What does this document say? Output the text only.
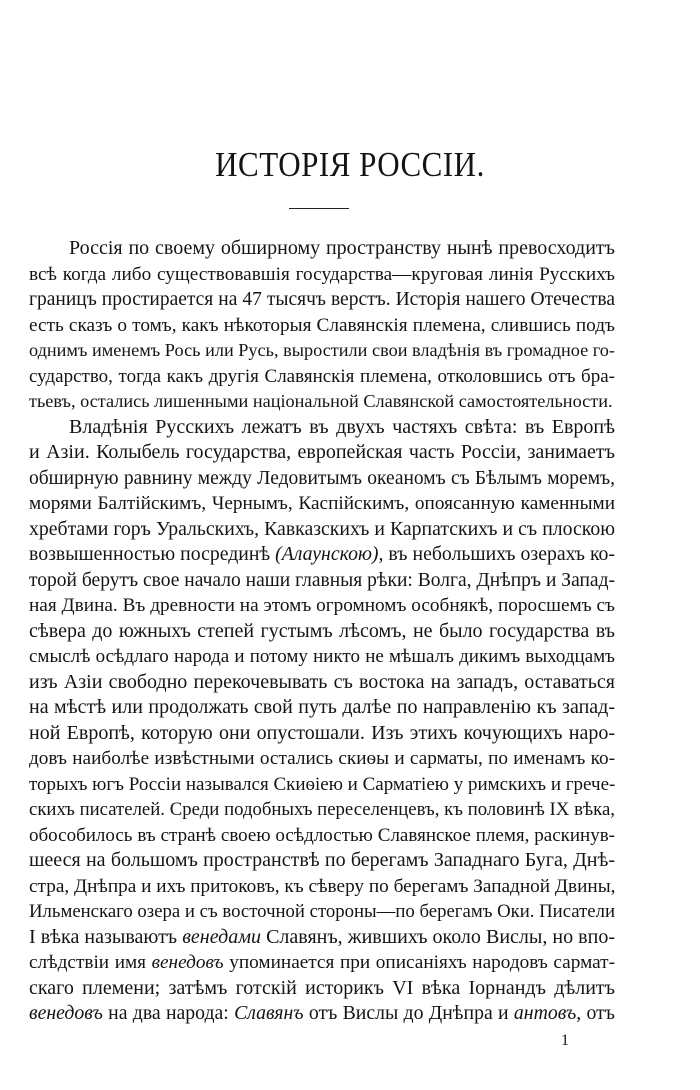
ИСТОРІЯ РОССІИ.
Россія по своему обширному пространству нынѣ превосходитъ
всѣ когда либо существовавшія государства—круговая линія Русскихъ
границъ простирается на 47 тысячъ верстъ. Исторія нашего Отечества
есть сказъ о томъ, какъ нѣкоторыя Славянскія племена, слившись подъ
однимъ именемъ Рось или Русь, выростили свои владѣнія въ громадное го-
сударство, тогда какъ другія Славянскія племена, отколовшись отъ бра-
тьевъ, остались лишенными національной Славянской самостоятельности.
Владѣнія Русскихъ лежатъ въ двухъ частяхъ свѣта: въ Европѣ
и Азіи. Колыбель государства, европейская часть Россіи, занимаетъ
обширную равнину между Ледовитымъ океаномъ съ Бѣлымъ моремъ,
морями Балтійскимъ, Чернымъ, Каспійскимъ, опоясанную каменными
хребтами горъ Уральскихъ, Кавказскихъ и Карпатскихъ и съ плоскою
возвышенностью посрединѣ (Алаунскою), въ небольшихъ озерахъ ко-
торой берутъ свое начало наши главныя рѣки: Волга, Днѣпръ и Запад-
ная Двина. Въ древности на этомъ огромномъ особнякѣ, поросшемъ съ
сѣвера до южныхъ степей густымъ лѣсомъ, не было государства въ
смыслѣ осѣдлаго народа и потому никто не мѣшалъ дикимъ выходцамъ
изъ Азіи свободно перекочевывать съ востока на западъ, оставаться
на мѣстѣ или продолжать свой путь далѣе по направленію къ запад-
ной Европѣ, которую они опустошали. Изъ этихъ кочующихъ наро-
довъ наиболѣе извѣстными остались скиѳы и сарматы, по именамъ ко-
торыхъ югъ Россіи назывался Скиѳіею и Сарматіею у римскихъ и грече-
скихъ писателей. Среди подобныхъ переселенцевъ, къ половинѣ IX вѣка,
обособилось въ странѣ своею осѣдлостью Славянское племя, раскинув-
шееся на большомъ пространствѣ по берегамъ Западнаго Буга, Днѣ-
стра, Днѣпра и ихъ притоковъ, къ сѣверу по берегамъ Западной Двины,
Ильменскаго озера и съ восточной стороны—по берегамъ Оки. Писатели
I вѣка называютъ венедами Славянъ, жившихъ около Вислы, но впо-
слѣдствіи имя венедовъ упоминается при описаніяхъ народовъ сармат-
скаго племени; затѣмъ готскій историкъ VI вѣка Іорнандъ дѣлитъ
венедовъ на два народа: Славянъ отъ Вислы до Днѣпра и антовъ, отъ
1
